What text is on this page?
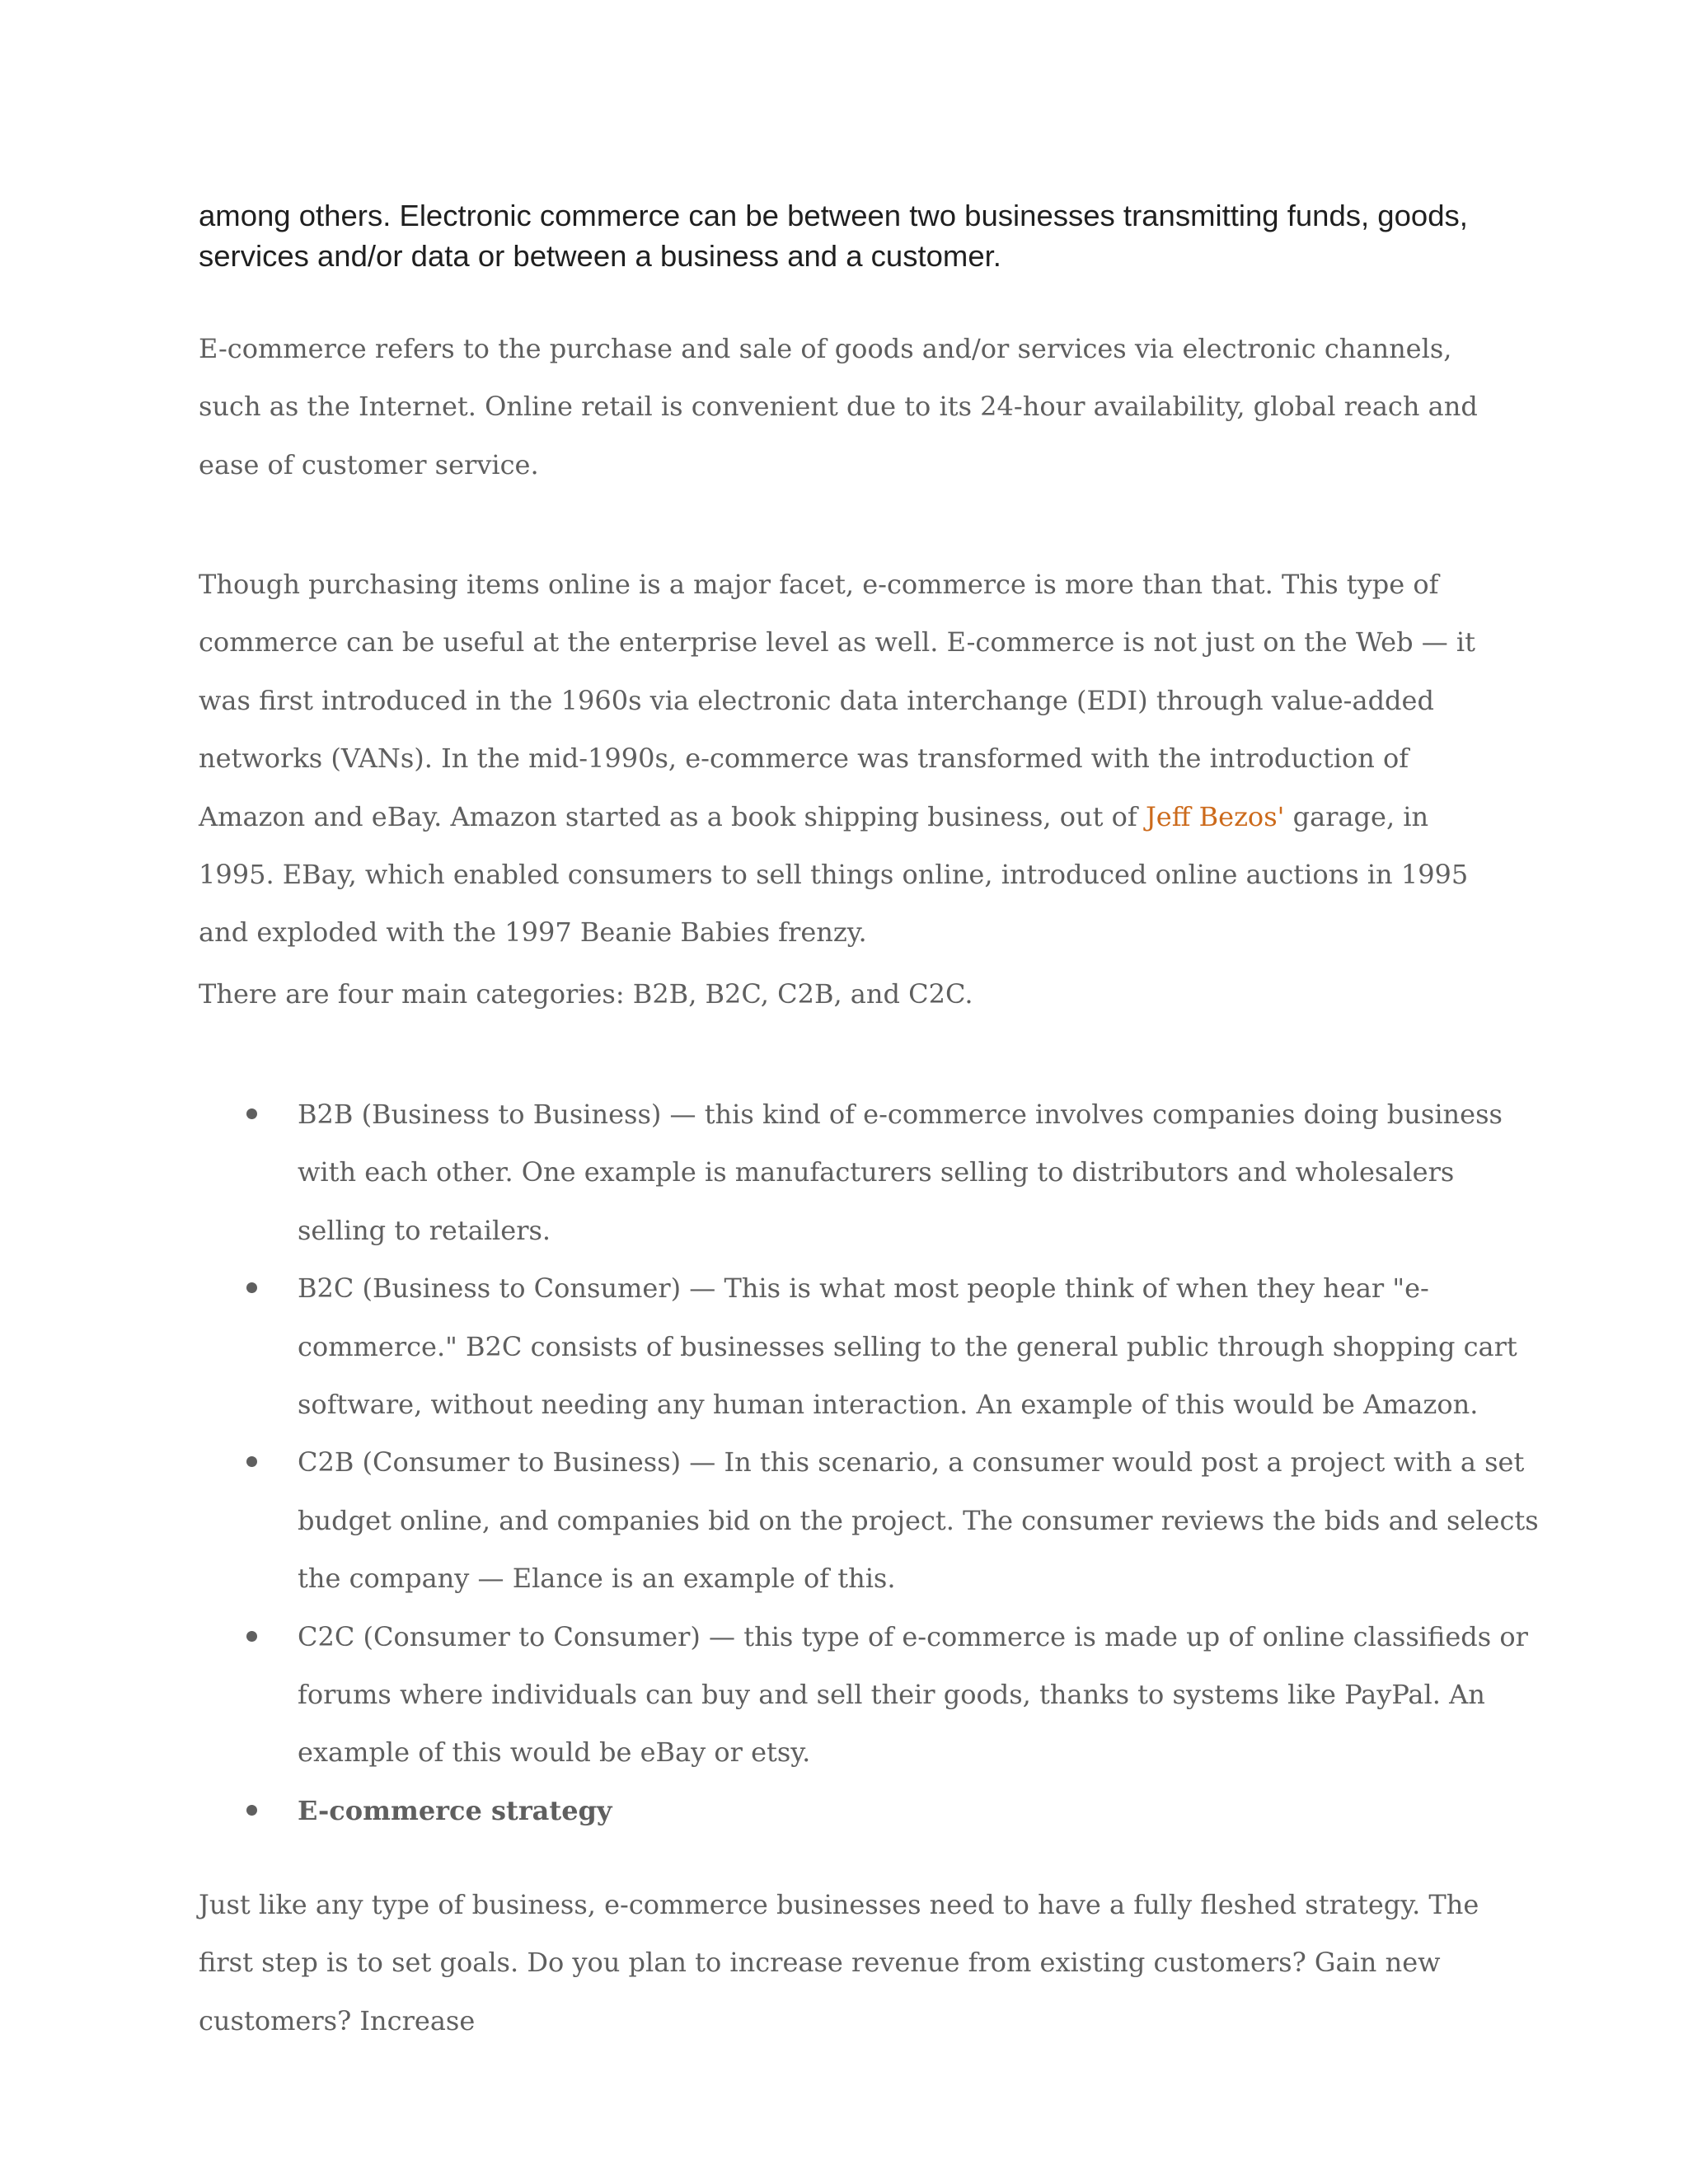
among others. Electronic commerce can be between two businesses transmitting funds, goods, services and/or data or between a business and a customer.

E-commerce refers to the purchase and sale of goods and/or services via electronic channels, such as the Internet. Online retail is convenient due to its 24-hour availability, global reach and ease of customer service.

Though purchasing items online is a major facet, e-commerce is more than that. This type of commerce can be useful at the enterprise level as well. E-commerce is not just on the Web — it was first introduced in the 1960s via electronic data interchange (EDI) through value-added networks (VANs). In the mid-1990s, e-commerce was transformed with the introduction of Amazon and eBay. Amazon started as a book shipping business, out of Jeff Bezos' garage, in 1995. EBay, which enabled consumers to sell things online, introduced online auctions in 1995 and exploded with the 1997 Beanie Babies frenzy.

There are four main categories: B2B, B2C, C2B, and C2C.

B2B (Business to Business) — this kind of e-commerce involves companies doing business with each other. One example is manufacturers selling to distributors and wholesalers selling to retailers.
B2C (Business to Consumer) — This is what most people think of when they hear "e-commerce." B2C consists of businesses selling to the general public through shopping cart software, without needing any human interaction. An example of this would be Amazon.
C2B (Consumer to Business) — In this scenario, a consumer would post a project with a set budget online, and companies bid on the project. The consumer reviews the bids and selects the company — Elance is an example of this.
C2C (Consumer to Consumer) — this type of e-commerce is made up of online classifieds or forums where individuals can buy and sell their goods, thanks to systems like PayPal. An example of this would be eBay or etsy.
E-commerce strategy

Just like any type of business, e-commerce businesses need to have a fully fleshed strategy. The first step is to set goals. Do you plan to increase revenue from existing customers? Gain new customers? Increase
